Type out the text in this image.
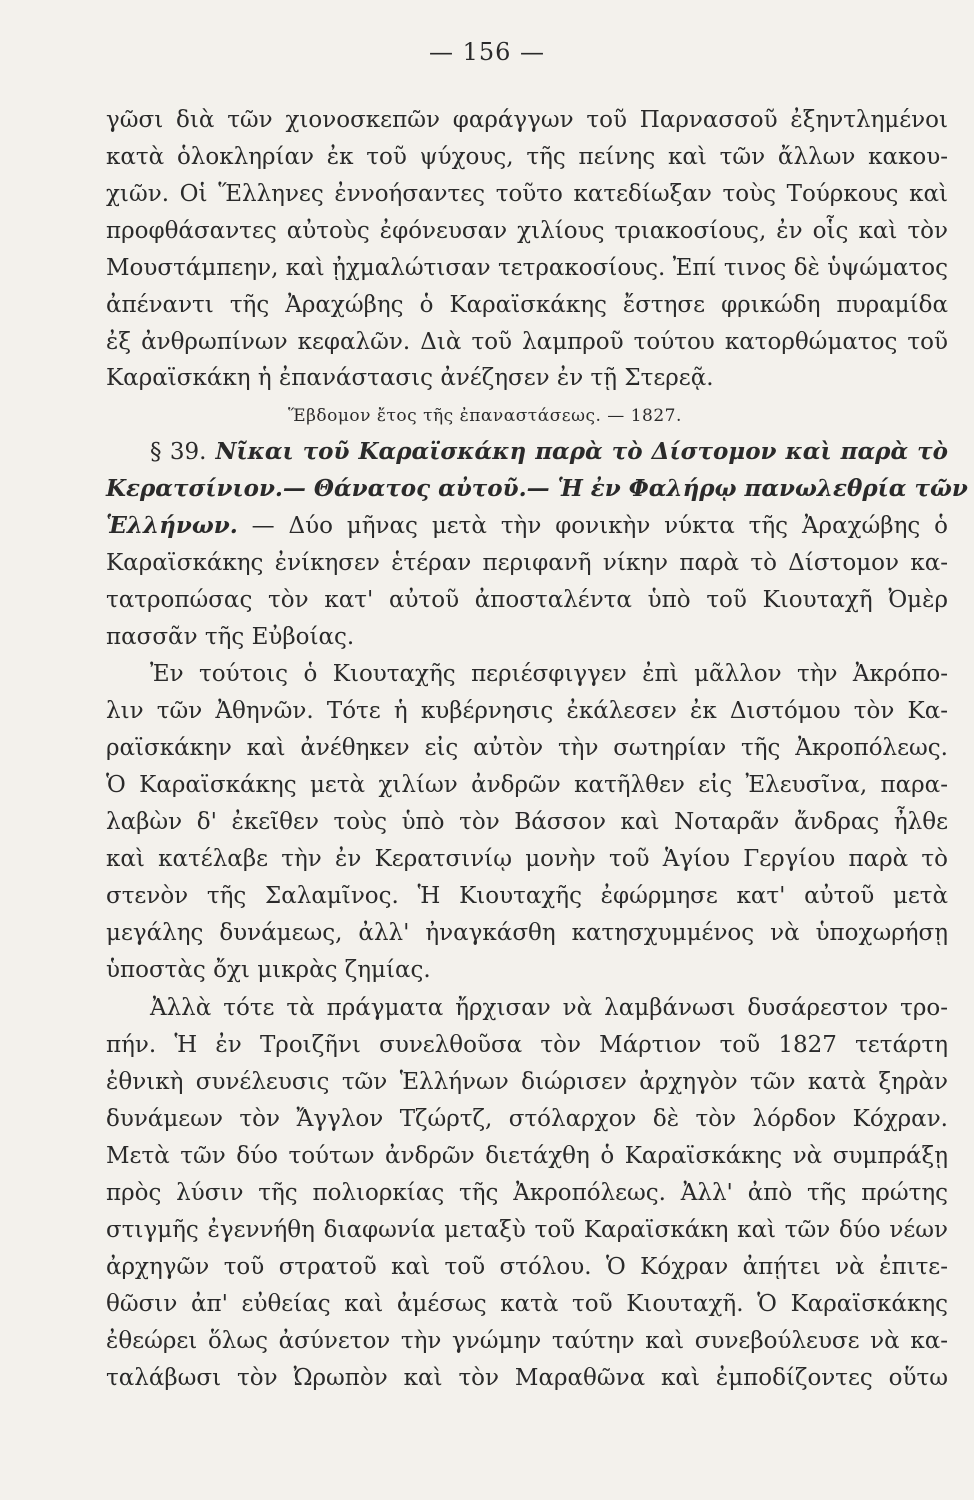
— 156 —
γῶσι διὰ τῶν χιονοσκεπῶν φαράγγων τοῦ Παρνασσοῦ ἐξηντλημένοι
κατὰ ὁλοκληρίαν ἐκ τοῦ ψύχους, τῆς πείνης καὶ τῶν ἄλλων κακου-
χιῶν. Οἱ Ἕλληνες ἐννοήσαντες τοῦτο κατεδίωξαν τοὺς Τούρκους καὶ
προφθάσαντες αὐτοὺς ἐφόνευσαν χιλίους τριακοσίους, ἐν οἷς καὶ τὸν
Μουστάμπεην, καὶ ᾐχμαλώτισαν τετρακοσίους. Ἐπί τινος δὲ ὑψώματος
ἀπέναντι τῆς Ἀραχώβης ὁ Καραϊσκάκης ἔστησε φρικώδη πυραμίδα
ἐξ ἀνθρωπίνων κεφαλῶν. Διὰ τοῦ λαμπροῦ τούτου κατορθώματος τοῦ
Καραϊσκάκη ἡ ἐπανάστασις ἀνέζησεν ἐν τῇ Στερεᾷ.
Ἕβδομον ἔτος τῆς ἐπαναστάσεως. — 1827.
§ 39. Νῖκαι τοῦ Καραϊσκάκη παρὰ τὸ Δίστομον καὶ παρὰ τὸ
Κερατσίνιον.— Θάνατος αὐτοῦ.— Ἡ ἐν Φαλήρῳ πανωλεθρία τῶν
Ἑλλήνων. — Δύο μῆνας μετὰ τὴν φονικὴν νύκτα τῆς Ἀραχώβης ὁ
Καραϊσκάκης ἐνίκησεν ἑτέραν περιφανῆ νίκην παρὰ τὸ Δίστομον κα-
τατροπώσας τὸν κατ' αὐτοῦ ἀποσταλέντα ὑπὸ τοῦ Κιουταχῆ Ὀμὲρ
πασσᾶν τῆς Εὐβοίας.
Ἐν τούτοις ὁ Κιουταχῆς περιέσφιγγεν ἐπὶ μᾶλλον τὴν Ἀκρόπο-
λιν τῶν Ἀθηνῶν. Τότε ἡ κυβέρνησις ἐκάλεσεν ἐκ Διστόμου τὸν Κα-
ραϊσκάκην καὶ ἀνέθηκεν εἰς αὐτὸν τὴν σωτηρίαν τῆς Ἀκροπόλεως.
Ὁ Καραϊσκάκης μετὰ χιλίων ἀνδρῶν κατῆλθεν εἰς Ἐλευσῖνα, παρα-
λαβὼν δ' ἐκεῖθεν τοὺς ὑπὸ τὸν Βάσσον καὶ Νοταρᾶν ἄνδρας ἦλθε
καὶ κατέλαβε τὴν ἐν Κερατσινίῳ μονὴν τοῦ Ἁγίου Γεργίου παρὰ τὸ
στενὸν τῆς Σαλαμῖνος. Ἡ Κιουταχῆς ἐφώρμησε κατ' αὐτοῦ μετὰ
μεγάλης δυνάμεως, ἀλλ' ἠναγκάσθη κατησχυμμένος νὰ ὑποχωρήσῃ
ὑποστὰς ὄχι μικρὰς ζημίας.
Ἀλλὰ τότε τὰ πράγματα ἤρχισαν νὰ λαμβάνωσι δυσάρεστον τρο-
πήν. Ἡ ἐν Τροιζῆνι συνελθοῦσα τὸν Μάρτιον τοῦ 1827 τετάρτη
ἐθνικὴ συνέλευσις τῶν Ἑλλήνων διώρισεν ἀρχηγὸν τῶν κατὰ ξηρὰν
δυνάμεων τὸν Ἄγγλον Τζώρτζ, στόλαρχον δὲ τὸν λόρδον Κόχραν.
Μετὰ τῶν δύο τούτων ἀνδρῶν διετάχθη ὁ Καραϊσκάκης νὰ συμπράξῃ
πρὸς λύσιν τῆς πολιορκίας τῆς Ἀκροπόλεως. Ἀλλ' ἀπὸ τῆς πρώτης
στιγμῆς ἐγεννήθη διαφωνία μεταξὺ τοῦ Καραϊσκάκη καὶ τῶν δύο νέων
ἀρχηγῶν τοῦ στρατοῦ καὶ τοῦ στόλου. Ὁ Κόχραν ἀπῄτει νὰ ἐπιτε-
θῶσιν ἀπ' εὐθείας καὶ ἀμέσως κατὰ τοῦ Κιουταχῆ. Ὁ Καραϊσκάκης
ἐθεώρει ὅλως ἀσύνετον τὴν γνώμην ταύτην καὶ συνεβούλευσε νὰ κα-
ταλάβωσι τὸν Ὠρωπὸν καὶ τὸν Μαραθῶνα καὶ ἐμποδίζοντες οὕτω
